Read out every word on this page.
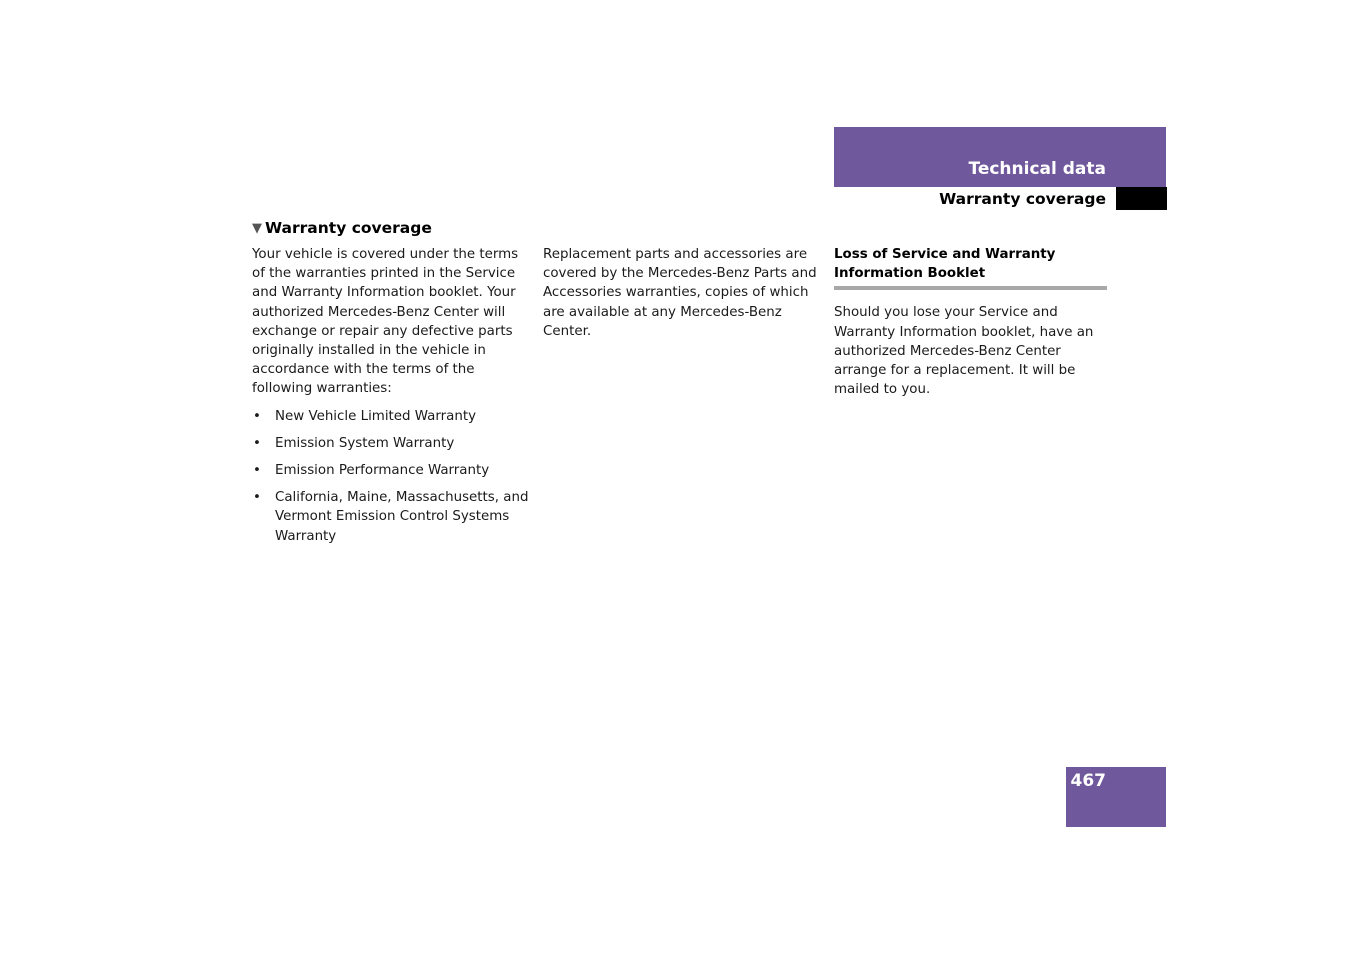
Technical data
Warranty coverage
▼ Warranty coverage

Your vehicle is covered under the terms of the warranties printed in the Service and Warranty Information booklet. Your authorized Mercedes-Benz Center will exchange or repair any defective parts originally installed in the vehicle in accordance with the terms of the following warranties:

• New Vehicle Limited Warranty
• Emission System Warranty
• Emission Performance Warranty
• California, Maine, Massachusetts, and Vermont Emission Control Systems Warranty

Replacement parts and accessories are covered by the Mercedes-Benz Parts and Accessories warranties, copies of which are available at any Mercedes-Benz Center.

Loss of Service and Warranty Information Booklet

Should you lose your Service and Warranty Information booklet, have an authorized Mercedes-Benz Center arrange for a replacement. It will be mailed to you.

467
